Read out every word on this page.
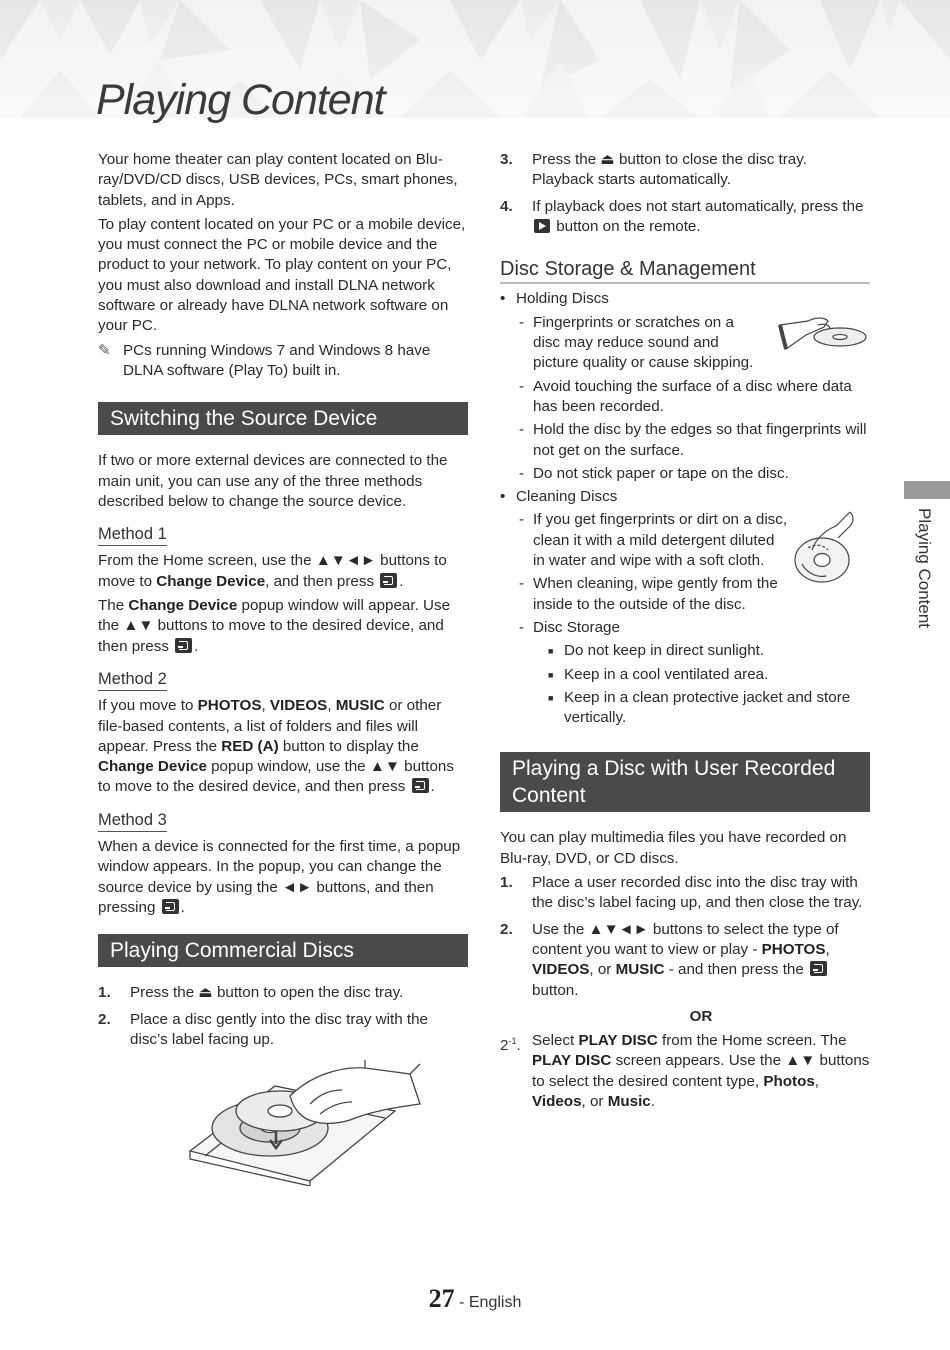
Playing Content

Your home theater can play content located on Blu-ray/DVD/CD discs, USB devices, PCs, smart phones, tablets, and in Apps.

To play content located on your PC or a mobile device, you must connect the PC or mobile device and the product to your network. To play content on your PC, you must also download and install DLNA network software or already have DLNA network software on your PC.

✎ PCs running Windows 7 and Windows 8 have DLNA software (Play To) built in.
Switching the Source Device

If two or more external devices are connected to the main unit, you can use any of the three methods described below to change the source device.

Method 1

From the Home screen, use the ▲▼◄► buttons to move to Change Device, and then press .

The Change Device popup window will appear. Use the ▲▼ buttons to move to the desired device, and then press .

Method 2

If you move to PHOTOS, VIDEOS, MUSIC or other file-based contents, a list of folders and files will appear. Press the RED (A) button to display the Change Device popup window, use the ▲▼ buttons to move to the desired device, and then press .

Method 3

When a device is connected for the first time, a popup window appears. In the popup, you can change the source device by using the ◄► buttons, and then pressing .

Playing Commercial Discs
1.	Press the ⏏ button to open the disc tray.
2.	Place a disc gently into the disc tray with the disc’s label facing up.
3.	Press the ⏏ button to close the disc tray. Playback starts automatically.
4.	If playback does not start automatically, press the  button on the remote.
Disc Storage & Management
• Holding Discs
- Fingerprints or scratches on a disc may reduce sound and picture quality or cause skipping.
- Avoid touching the surface of a disc where data has been recorded.
- Hold the disc by the edges so that fingerprints will not get on the surface.
- Do not stick paper or tape on the disc.
• Cleaning Discs
- If you get fingerprints or dirt on a disc, clean it with a mild detergent diluted in water and wipe with a soft cloth.
- When cleaning, wipe gently from the inside to the outside of the disc.
- Disc Storage
■ Do not keep in direct sunlight.
■ Keep in a cool ventilated area.
■ Keep in a clean protective jacket and store vertically.
Playing a Disc with User Recorded Content

You can play multimedia files you have recorded on Blu-ray, DVD, or CD discs.

1.	Place a user recorded disc into the disc tray with the disc’s label facing up, and then close the tray.
2.	Use the ▲▼◄► buttons to select the type of content you want to view or play - PHOTOS, VIDEOS, or MUSIC - and then press the  button.
OR
$2^{-1}$. Select PLAY DISC from the Home screen. The PLAY DISC screen appears. Use the ▲▼ buttons to select the desired content type, Photos, Videos, or Music.
Playing Content
27 - English
